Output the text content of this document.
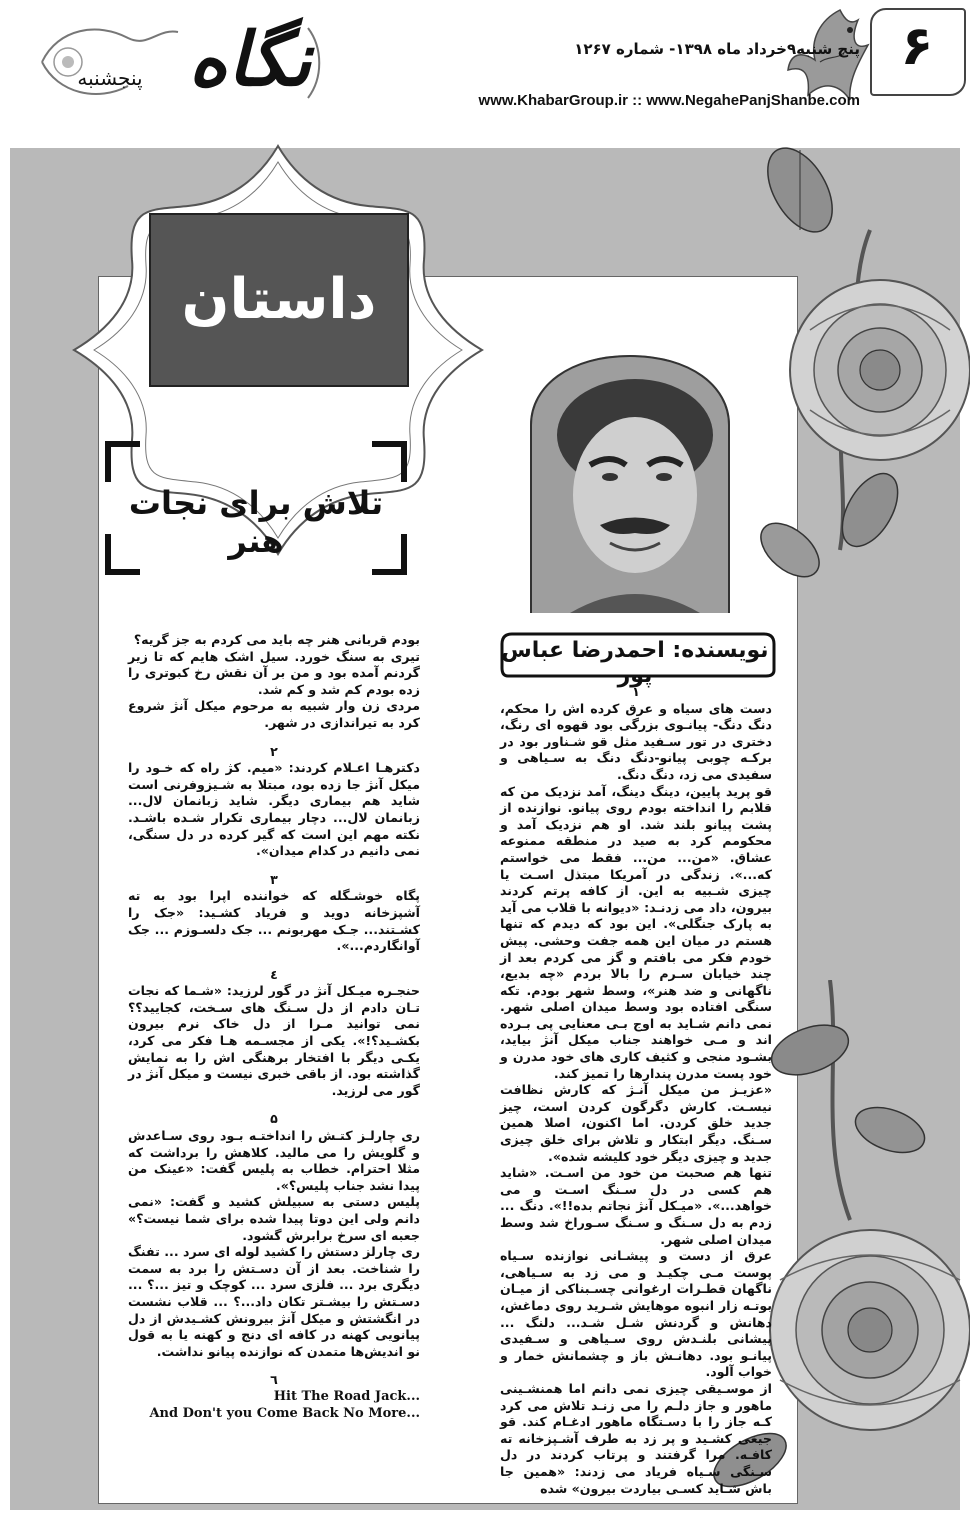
۶
پنج شنبه۹خرداد ماه ۱۳۹۸- شماره ۱۲۶۷
www.KhabarGroup.ir :: www.NegahePanjShanbe.com
نگاه
پنجشنبه
داستان
تلاش برای نجات هنر
نویسنده: احمدرضا عباس پور
۱

دست های سیاه و عرق کرده اش را محکم، دنگ دنگ- پیانـوی بزرگی بود قهوه ای رنگ، دختری در تور سـفید مثل قو شـناور بود در برکـه چوبی پیانو-دنگ دنگ به سـیاهی و سفیدی می زد، دنگ دنگ.

قو پرید پایین، دینگ دینگ، آمد نزدیک من که قلابم را انداخته بودم روی پیانو. نوازنده از پشت پیانو بلند شد. او هم نزدیک آمد و محکومم کرد به صید در منطقه ممنوعه عشاق. «من... من... فقط می خواستم که...». زندگی در آمریکا مبتذل اسـت یا چیزی شـبیه به این. از کافه پرتم کردند بیرون، داد می زدنـد: «دیوانه با قلاب می آید به پارک جنگلی». این بود که دیدم که تنها هستم در میان این همه جفت وحشی. پیش خودم فکر می بافتم و گز می کردم بعد از چند خیابان سـرم را بالا بردم «چه بدیع، ناگهانی و ضد هنر»، وسط شهر بودم. تکه سنگی افتاده بود وسط میدان اصلی شهر. نمی دانم شـاید به اوج بـی معنایی پی بـرده اند و مـی خواهند جناب میکل آنژ بیاید، بشـود منجی و کثیف کاری های خود مدرن و خود پست مدرن پندارها را تمیز کند.

«عزیـز من میکل آنـژ که کارش نظافت نیسـت. کارش دگرگون کردن است، چیز جدید خلق کردن. اما اکنون، اصلا همین سـنگ. دیگر ابتکار و تلاش برای خلق چیزی جدید و چیزی دیگر خود کلیشه شده».

تنها هم صحبت من خود من اسـت. «شاید هم کسی در دل سـنگ اسـت و می خواهد...». «میـکل آنژ نجاتم بده!!». دنگ ... زدم به دل سـنگ و سـنگ سـوراخ شد وسط میدان اصلی شهر.

عرق از دست و پیشـانی نوازنده سـیاه پوست مـی چکیـد و می زد به سـیاهی، ناگهان قطـرات ارغوانی چسـبناکی از میـان بوتـه زار انبوه موهایش شـرید روی دماغش، دهانش و گردنش شـل شـد... دلنگ ... پیشانی بلنـدش روی سـیاهی و سـفیدی پیانـو بود. دهانـش باز و چشمانش خمار و خواب آلود.

از موسـیقی چیزی نمی دانم اما همنشـینی ماهور و جاز دلـم را می زنـد تلاش می کرد کـه جاز را با دسـتگاه ماهور ادغـام کند. قو جیغی کشـید و پر زد به طرف آشـپزخانه ته کافـه. مرا گرفتند و پرتاب کردند در دل سـنگی سـیاه فریاد می زدند: «همین جا باش شـاید کسـی بیاردت بیرون» شده

بودم قربانی هنر چه باید می کردم به جز گریه؟

تیری به سنگ خورد. سیل اشک هایم که تا زیر گردنم آمده بود و من بر آن نقش رخ کبوتری را زده بودم کم شد و کم شد.

مردی زن وار شبیه به مرحوم میکل آنژ شروع کرد به تیراندازی در شهر.

۲

دکترهـا اعـلام کردند: «میم. کژ راه که خـود را میکل آنژ جا زده بود، مبتلا به شـیزوفرنی است شاید هم بیماری دیگر. شاید زبانمان لال... زبانمان لال... دچار بیماری تکرار شـده باشـد. نکته مهم این است که گیر کرده در دل سنگی، نمی دانیم در کدام میدان».

۳

پگاه خوشـگله که خواننده اپرا بود به ته آشپزخانه دوید و فریاد کشـید: «جک را کشـتند... جـک مهربونم ... جک دلسـوزم ... جک آوانگاردم...».

٤

حنجـره میـکل آنژ در گور لرزید: «شـما که نجات تـان دادم از دل سـنگ های سـخت، کجایید؟؟ نمی توانید مـرا از دل خاک نرم بیرون بکشـید؟!». یکی از مجسـمه هـا فکر می کرد، یکـی دیگر با افتخار برهنگی اش را به نمایش گذاشته بود. از باقی خبری نیست و میکل آنژ در گور می لرزید.

۵

ری چارلـز کتـش را انداختـه بـود روی سـاعدش و گلویش را می مالید. کلاهش را برداشت که مثلا احترام. خطاب به پلیس گفت: «عینک من پیدا نشد جناب پلیس؟».

پلیس دستی به سبیلش کشید و گفت: «نمی دانم ولی این دوتا پیدا شده برای شما نیست؟» جعبه ای سرخ برابرش گشود.

ری چارلز دستش را کشید لوله ای سرد ... تفنگ را شناخت. بعد از آن دسـتش را برد به سمت دیگری برد ... فلزی سرد ... کوچک و تیز ...؟ ... دسـتش را بیشـتر تکان داد...؟ ... قلاب نشست در انگشتش و میکل آنژ بیرونش کشـیدش از دل پیانویی کهنه در کافه ای دنج و کهنه یا به قول نو اندیش‌ها متمدن که نوازنده پیانو نداشت.

٦

Hit The Road Jack...

And Don't you Come Back No More...
